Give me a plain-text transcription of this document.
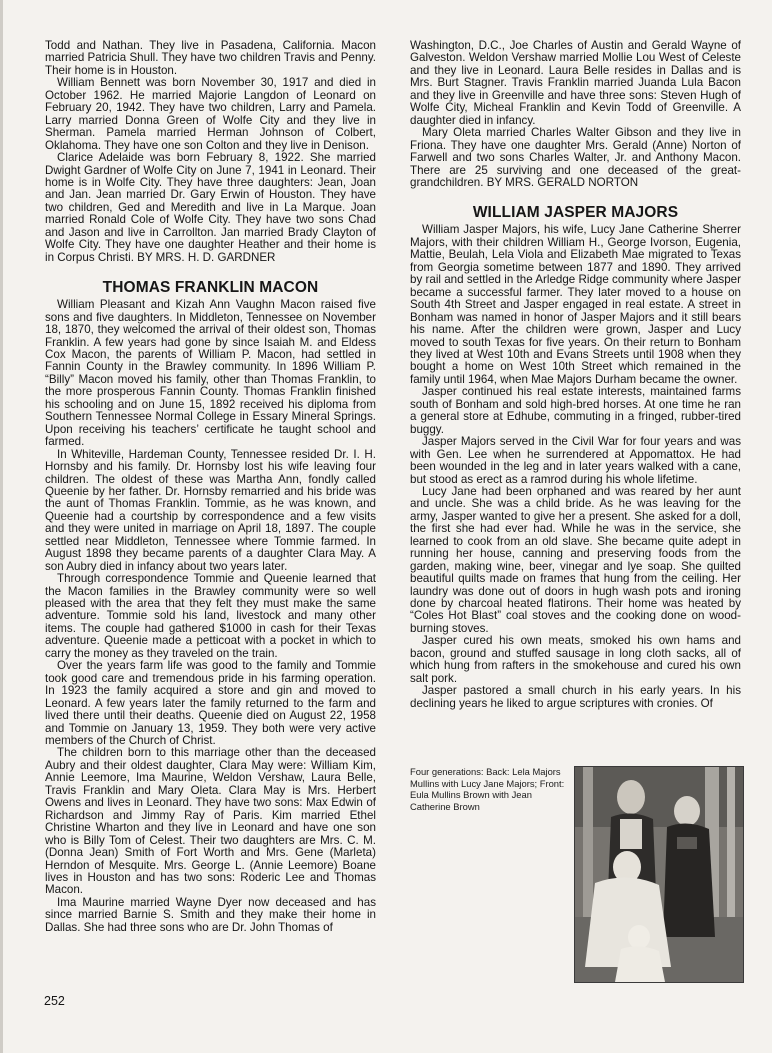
Todd and Nathan. They live in Pasadena, California. Macon married Patricia Shull. They have two children Travis and Penny. Their home is in Houston.

William Bennett was born November 30, 1917 and died in October 1962. He married Majorie Langdon of Leonard on February 20, 1942. They have two children, Larry and Pamela. Larry married Donna Green of Wolfe City and they live in Sherman. Pamela married Herman Johnson of Colbert, Oklahoma. They have one son Colton and they live in Denison.

Clarice Adelaide was born February 8, 1922. She married Dwight Gardner of Wolfe City on June 7, 1941 in Leonard. Their home is in Wolfe City. They have three daughters: Jean, Joan and Jan. Jean married Dr. Gary Erwin of Houston. They have two children, Ged and Meredith and live in La Marque. Joan married Ronald Cole of Wolfe City. They have two sons Chad and Jason and live in Carrollton. Jan married Brady Clayton of Wolfe City. They have one daughter Heather and their home is in Corpus Christi. BY MRS. H. D. GARDNER

THOMAS FRANKLIN MACON

William Pleasant and Kizah Ann Vaughn Macon raised five sons and five daughters. In Middleton, Tennessee on November 18, 1870, they welcomed the arrival of their oldest son, Thomas Franklin. A few years had gone by since Isaiah M. and Eldess Cox Macon, the parents of William P. Macon, had settled in Fannin County in the Brawley community. In 1896 William P. “Billy” Macon moved his family, other than Thomas Franklin, to the more prosperous Fannin County. Thomas Franklin finished his schooling and on June 15, 1892 received his diploma from Southern Tennessee Normal College in Essary Mineral Springs. Upon receiving his teachers’ certificate he taught school and farmed.

In Whiteville, Hardeman County, Tennessee resided Dr. I. H. Hornsby and his family. Dr. Hornsby lost his wife leaving four children. The oldest of these was Martha Ann, fondly called Queenie by her father. Dr. Hornsby remarried and his bride was the aunt of Thomas Franklin. Tommie, as he was known, and Queenie had a courtship by correspondence and a few visits and they were united in marriage on April 18, 1897. The couple settled near Middleton, Tennessee where Tommie farmed. In August 1898 they became parents of a daughter Clara May. A son Aubry died in infancy about two years later.

Through correspondence Tommie and Queenie learned that the Macon families in the Brawley community were so well pleased with the area that they felt they must make the same adventure. Tommie sold his land, livestock and many other items. The couple had gathered $1000 in cash for their Texas adventure. Queenie made a petticoat with a pocket in which to carry the money as they traveled on the train.

Over the years farm life was good to the family and Tommie took good care and tremendous pride in his farming operation. In 1923 the family acquired a store and gin and moved to Leonard. A few years later the family returned to the farm and lived there until their deaths. Queenie died on August 22, 1958 and Tommie on January 13, 1959. They both were very active members of the Church of Christ.

The children born to this marriage other than the deceased Aubry and their oldest daughter, Clara May were: William Kim, Annie Leemore, Ima Maurine, Weldon Vershaw, Laura Belle, Travis Franklin and Mary Oleta. Clara May is Mrs. Herbert Owens and lives in Leonard. They have two sons: Max Edwin of Richardson and Jimmy Ray of Paris. Kim married Ethel Christine Wharton and they live in Leonard and have one son who is Billy Tom of Celest. Their two daughters are Mrs. C. M. (Donna Jean) Smith of Fort Worth and Mrs. Gene (Marleta) Herndon of Mesquite. Mrs. George L. (Annie Leemore) Boane lives in Houston and has two sons: Roderic Lee and Thomas Macon.

Ima Maurine married Wayne Dyer now deceased and has since married Barnie S. Smith and they make their home in Dallas. She had three sons who are Dr. John Thomas of

Washington, D.C., Joe Charles of Austin and Gerald Wayne of Galveston. Weldon Vershaw married Mollie Lou West of Celeste and they live in Leonard. Laura Belle resides in Dallas and is Mrs. Burt Stagner. Travis Franklin married Juanda Lula Bacon and they live in Greenville and have three sons: Steven Hugh of Wolfe City, Micheal Franklin and Kevin Todd of Greenville. A daughter died in infancy.

Mary Oleta married Charles Walter Gibson and they live in Friona. They have one daughter Mrs. Gerald (Anne) Norton of Farwell and two sons Charles Walter, Jr. and Anthony Macon. There are 25 surviving and one deceased of the great-grandchildren. BY MRS. GERALD NORTON

WILLIAM JASPER MAJORS

William Jasper Majors, his wife, Lucy Jane Catherine Sherrer Majors, with their children William H., George Ivorson, Eugenia, Mattie, Beulah, Lela Viola and Elizabeth Mae migrated to Texas from Georgia sometime between 1877 and 1890. They arrived by rail and settled in the Arledge Ridge community where Jasper became a successful farmer. They later moved to a house on South 4th Street and Jasper engaged in real estate. A street in Bonham was named in honor of Jasper Majors and it still bears his name. After the children were grown, Jasper and Lucy moved to south Texas for five years. On their return to Bonham they lived at West 10th and Evans Streets until 1908 when they bought a home on West 10th Street which remained in the family until 1964, when Mae Majors Durham became the owner.

Jasper continued his real estate interests, maintained farms south of Bonham and sold high-bred horses. At one time he ran a general store at Edhube, commuting in a fringed, rubber-tired buggy.

Jasper Majors served in the Civil War for four years and was with Gen. Lee when he surrendered at Appomattox. He had been wounded in the leg and in later years walked with a cane, but stood as erect as a ramrod during his whole lifetime.

Lucy Jane had been orphaned and was reared by her aunt and uncle. She was a child bride. As he was leaving for the army, Jasper wanted to give her a present. She asked for a doll, the first she had ever had. While he was in the service, she learned to cook from an old slave. She became quite adept in running her house, canning and preserving foods from the garden, making wine, beer, vinegar and lye soap. She quilted beautiful quilts made on frames that hung from the ceiling. Her laundry was done out of doors in hugh wash pots and ironing done by charcoal heated flatirons. Their home was heated by “Coles Hot Blast” coal stoves and the cooking done on wood-burning stoves.

Jasper cured his own meats, smoked his own hams and bacon, ground and stuffed sausage in long cloth sacks, all of which hung from rafters in the smokehouse and cured his own salt pork.

Jasper pastored a small church in his early years. In his declining years he liked to argue scriptures with cronies. Of

Four generations: Back: Lela Majors Mullins with Lucy Jane Majors; Front: Eula Mullins Brown with Jean Catherine Brown
252
